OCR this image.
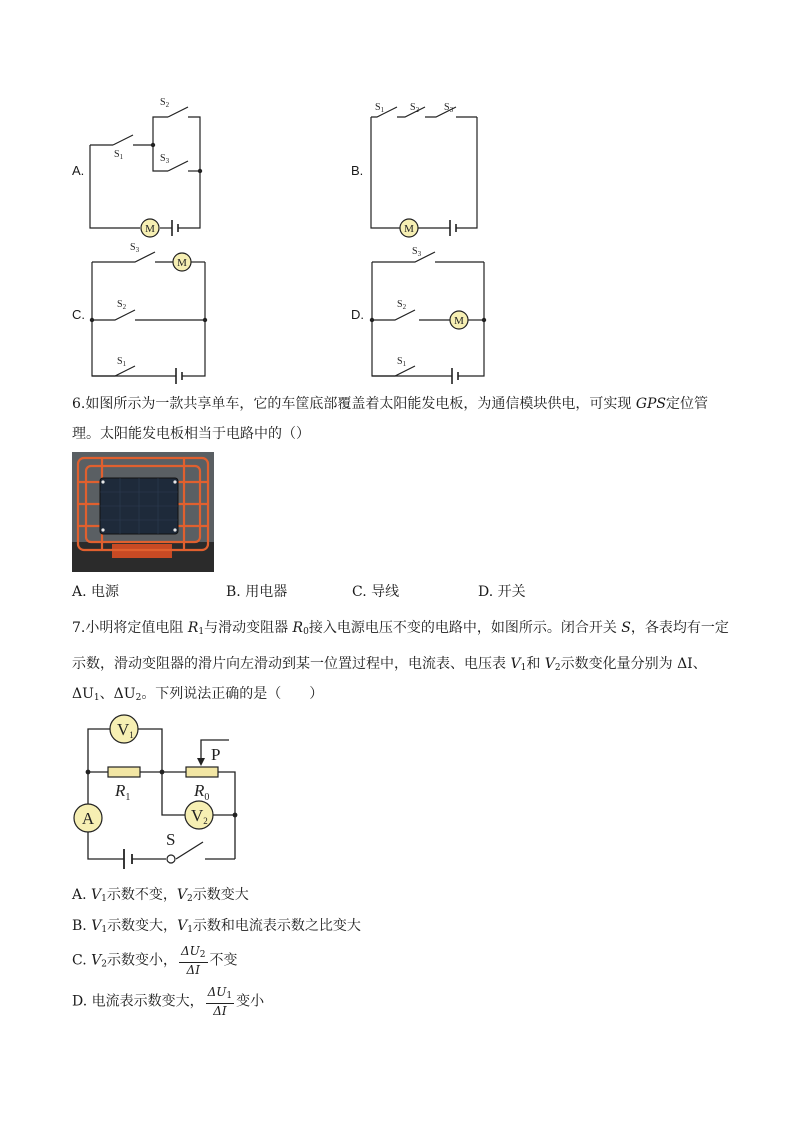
$S_1$
$S_2$
$S_3$
M
$S_1$	$S_2$ $S_3$
M
$S_3$
$S_2$
$S_1$
M
$S_3$
$S_2$
$S_1$
M
A.	B.
C.	D.
6.如图所示为一款共享单车，它的车筐底部覆盖着太阳能发电板，为通信模块供电，可实现 GPS定位管
理。太阳能发电板相当于电路中的（）
A. 电源	B. 用电器	C. 导线	D. 开关
7.小明将定值电阻 $R_1$与滑动变阻器 $R_0$接入电源电压不变的电路中，如图所示。闭合开关 S，各表均有一定
示数，滑动变阻器的滑片向左滑动到某一位置过程中，电流表、电压表 $V_1$和 $V_2$示数变化量分别为 ΔI、
$\Delta U_1$、$\Delta U_2$。下列说法正确的是（　　）
V1
V2
A
P
$R_1$	$R_0$
S
A. $V_1$示数不变，$V_2$示数变大
B. $V_1$示数变大，$V_1$示数和电流表示数之比变大
C. $V_2$示数变小， $\frac{\Delta U_2}{\Delta I}$ 不变
D. 电流表示数变大， $\frac{\Delta U_1}{\Delta I}$ 变小
